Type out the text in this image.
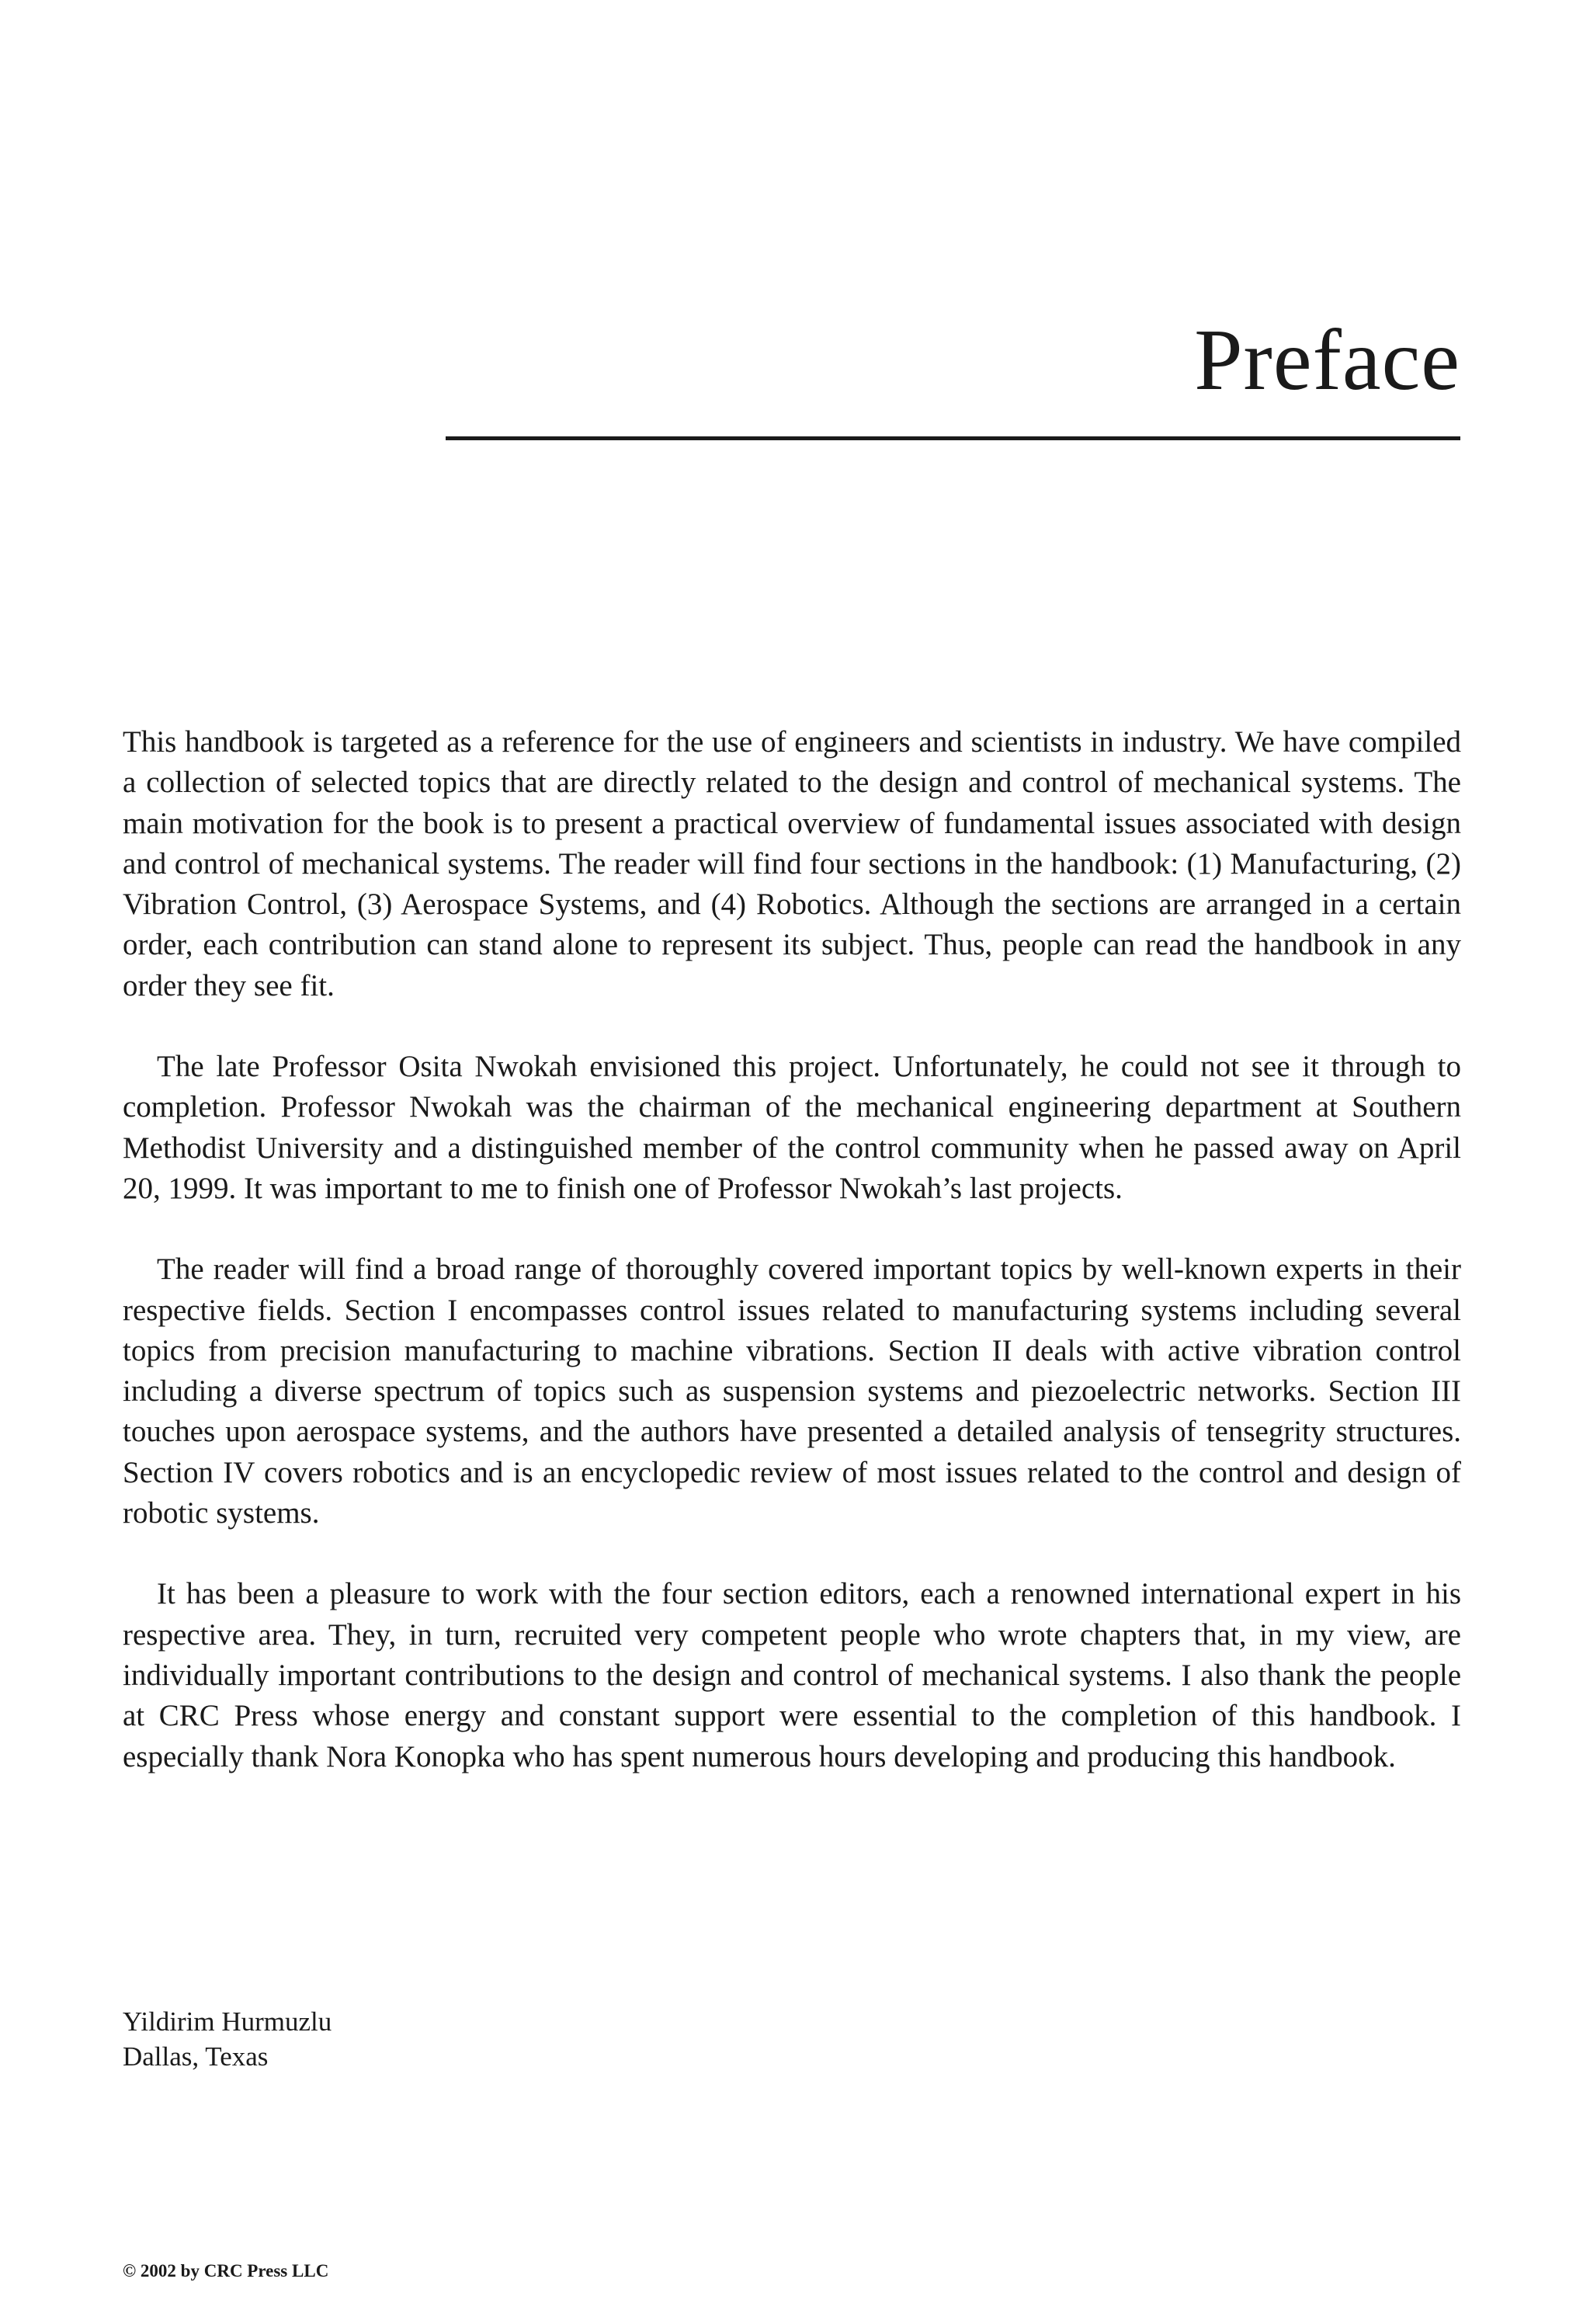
Preface

This handbook is targeted as a reference for the use of engineers and scientists in industry. We have compiled a collection of selected topics that are directly related to the design and control of mechanical systems. The main motivation for the book is to present a practical overview of fundamental issues associated with design and control of mechanical systems. The reader will find four sections in the handbook: (1) Manufacturing, (2) Vibration Control, (3) Aerospace Systems, and (4) Robotics. Although the sections are arranged in a certain order, each contribution can stand alone to represent its subject. Thus, people can read the handbook in any order they see fit.

The late Professor Osita Nwokah envisioned this project. Unfortunately, he could not see it through to completion. Professor Nwokah was the chairman of the mechanical engineering department at Southern Methodist University and a distinguished member of the control community when he passed away on April 20, 1999. It was important to me to finish one of Professor Nwokah’s last projects.

The reader will find a broad range of thoroughly covered important topics by well-known experts in their respective fields. Section I encompasses control issues related to manufacturing systems including several topics from precision manufacturing to machine vibrations. Section II deals with active vibration control including a diverse spectrum of topics such as suspension systems and piezoelectric networks. Section III touches upon aerospace systems, and the authors have presented a detailed analysis of tensegrity structures. Section IV covers robotics and is an encyclopedic review of most issues related to the control and design of robotic systems.

It has been a pleasure to work with the four section editors, each a renowned international expert in his respective area. They, in turn, recruited very competent people who wrote chapters that, in my view, are individually important contributions to the design and control of mechanical systems. I also thank the people at CRC Press whose energy and constant support were essential to the completion of this handbook. I especially thank Nora Konopka who has spent numerous hours developing and producing this handbook.

Yildirim Hurmuzlu
Dallas, Texas
© 2002 by CRC Press LLC
